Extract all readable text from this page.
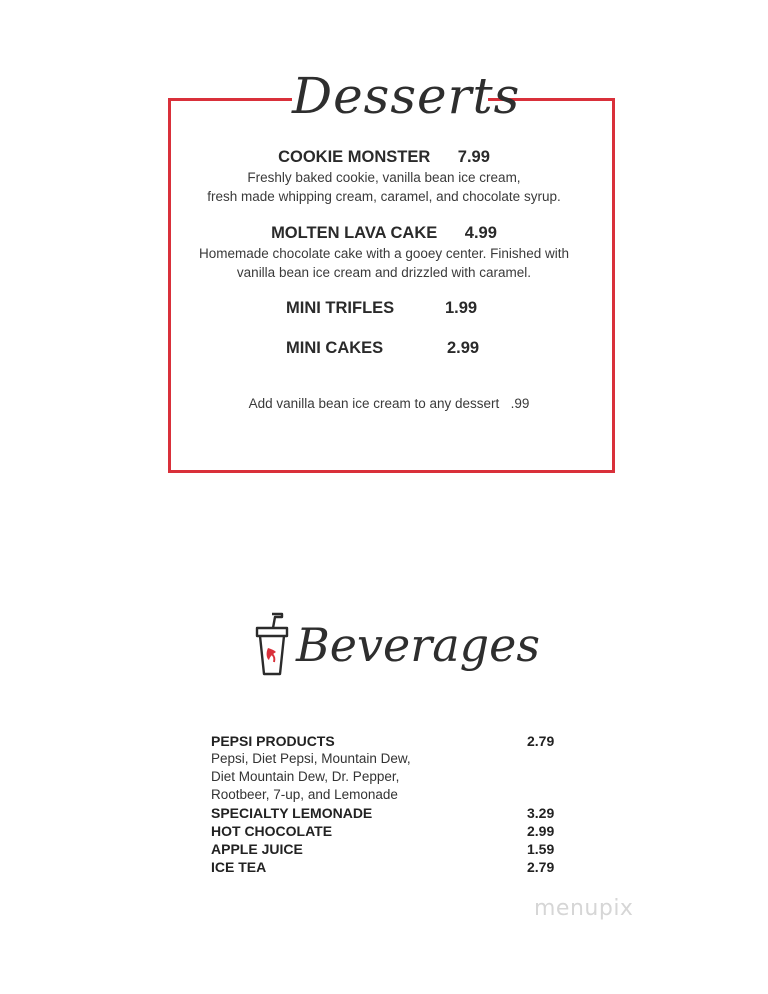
Desserts
COOKIE MONSTER 7.99
Freshly baked cookie, vanilla bean ice cream,
fresh made whipping cream, caramel, and chocolate syrup.
MOLTEN LAVA CAKE 4.99
Homemade chocolate cake with a gooey center. Finished with
vanilla bean ice cream and drizzled with caramel.
MINI TRIFLES	1.99
MINI CAKES	2.99
Add vanilla bean ice cream to any dessert .99
Beverages
PEPSI PRODUCTS	2.79
Pepsi, Diet Pepsi, Mountain Dew,
Diet Mountain Dew, Dr. Pepper,
Rootbeer, 7-up, and Lemonade
SPECIALTY LEMONADE	3.29
HOT CHOCOLATE	2.99
APPLE JUICE	1.59
ICE TEA	2.79
menupix
